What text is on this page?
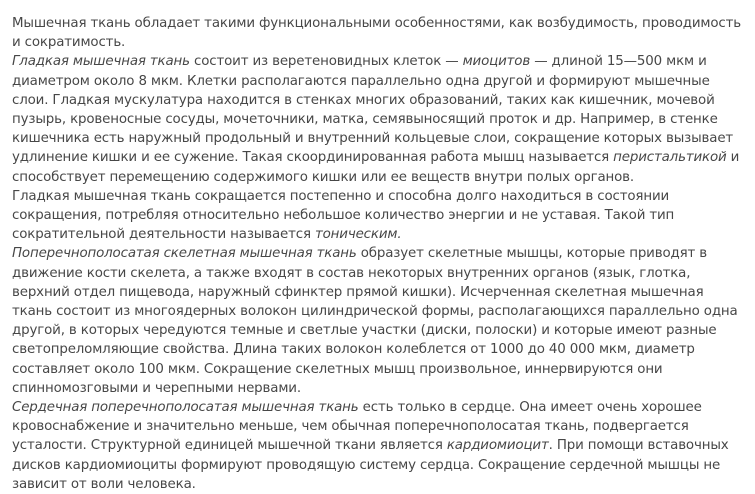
Мышечная ткань обладает такими функциональными особенностями, как возбудимость, проводимость и сократимость.

Гладкая мышечная ткань состоит из веретеновидных клеток — миоцитов — длиной 15—500 мкм и диаметром около 8 мкм. Клетки располагаются параллельно одна другой и формируют мышечные слои. Гладкая мускулатура находится в стенках многих образований, таких как кишечник, мочевой пузырь, кровеносные сосуды, мочеточники, матка, семявыносящий проток и др. Например, в стенке кишечника есть наружный продольный и внутренний кольцевые слои, сокращение которых вызывает удлинение кишки и ее сужение. Такая скоординированная работа мышц называется перистальтикой и способствует перемещению содержимого кишки или ее веществ внутри полых органов.

Гладкая мышечная ткань сокращается постепенно и способна долго находиться в состоянии сокращения, потребляя относительно небольшое количество энергии и не уставая. Такой тип сократительной деятельности называется тоническим.

Поперечнополосатая скелетная мышечная ткань образует скелетные мышцы, которые приводят в движение кости скелета, а также входят в состав некоторых внутренних органов (язык, глотка, верхний отдел пищевода, наружный сфинктер прямой кишки). Исчерченная скелетная мышечная ткань состоит из многоядерных волокон цилиндрической формы, располагающихся параллельно одна другой, в которых чередуются темные и светлые участки (диски, полоски) и которые имеют разные светопреломляющие свойства. Длина таких волокон колеблется от 1000 до 40 000 мкм, диаметр составляет около 100 мкм. Сокращение скелетных мышц произвольное, иннервируются они спинномозговыми и черепными нервами.

Сердечная поперечнополосатая мышечная ткань есть только в сердце. Она имеет очень хорошее кровоснабжение и значительно меньше, чем обычная поперечнополосатая ткань, подвергается усталости. Структурной единицей мышечной ткани является кардиомиоцит. При помощи вставочных дисков кардиомиоциты формируют проводящую систему сердца. Сокращение сердечной мышцы не зависит от воли человека.
